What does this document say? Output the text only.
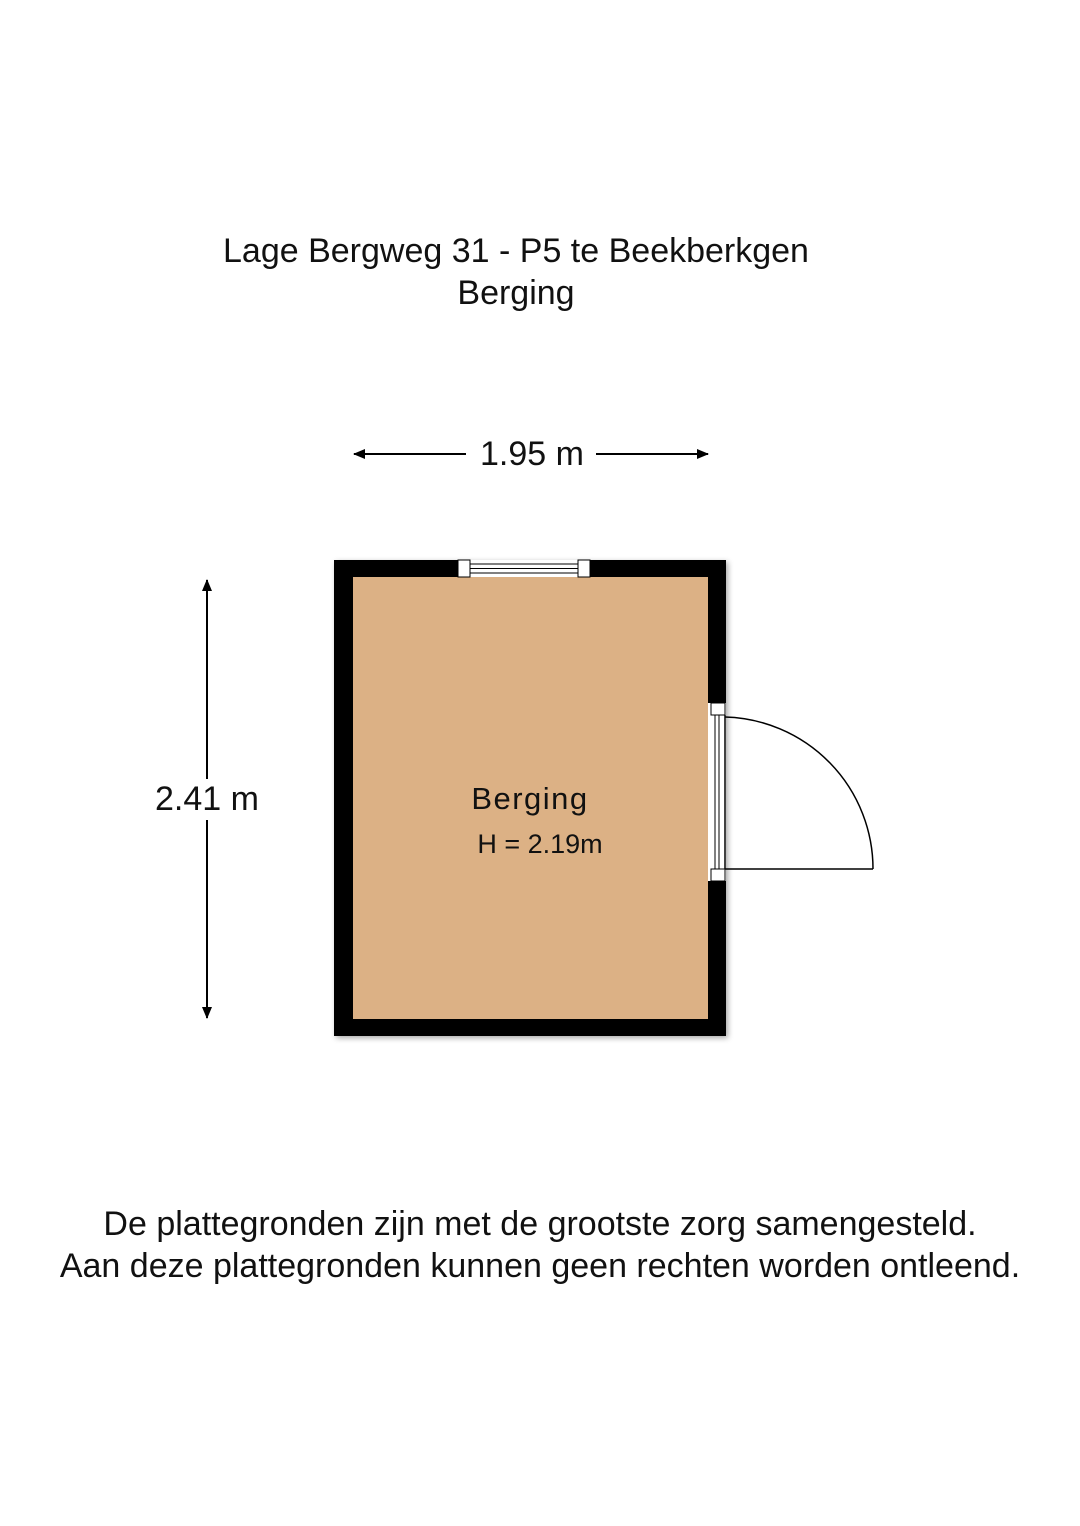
Lage Bergweg 31 - P5 te Beekberkgen
Berging
1.95 m
2.41 m	Berging
H = 2.19m
De plattegronden zijn met de grootste zorg samengesteld.
Aan deze plattegronden kunnen geen rechten worden ontleend.
